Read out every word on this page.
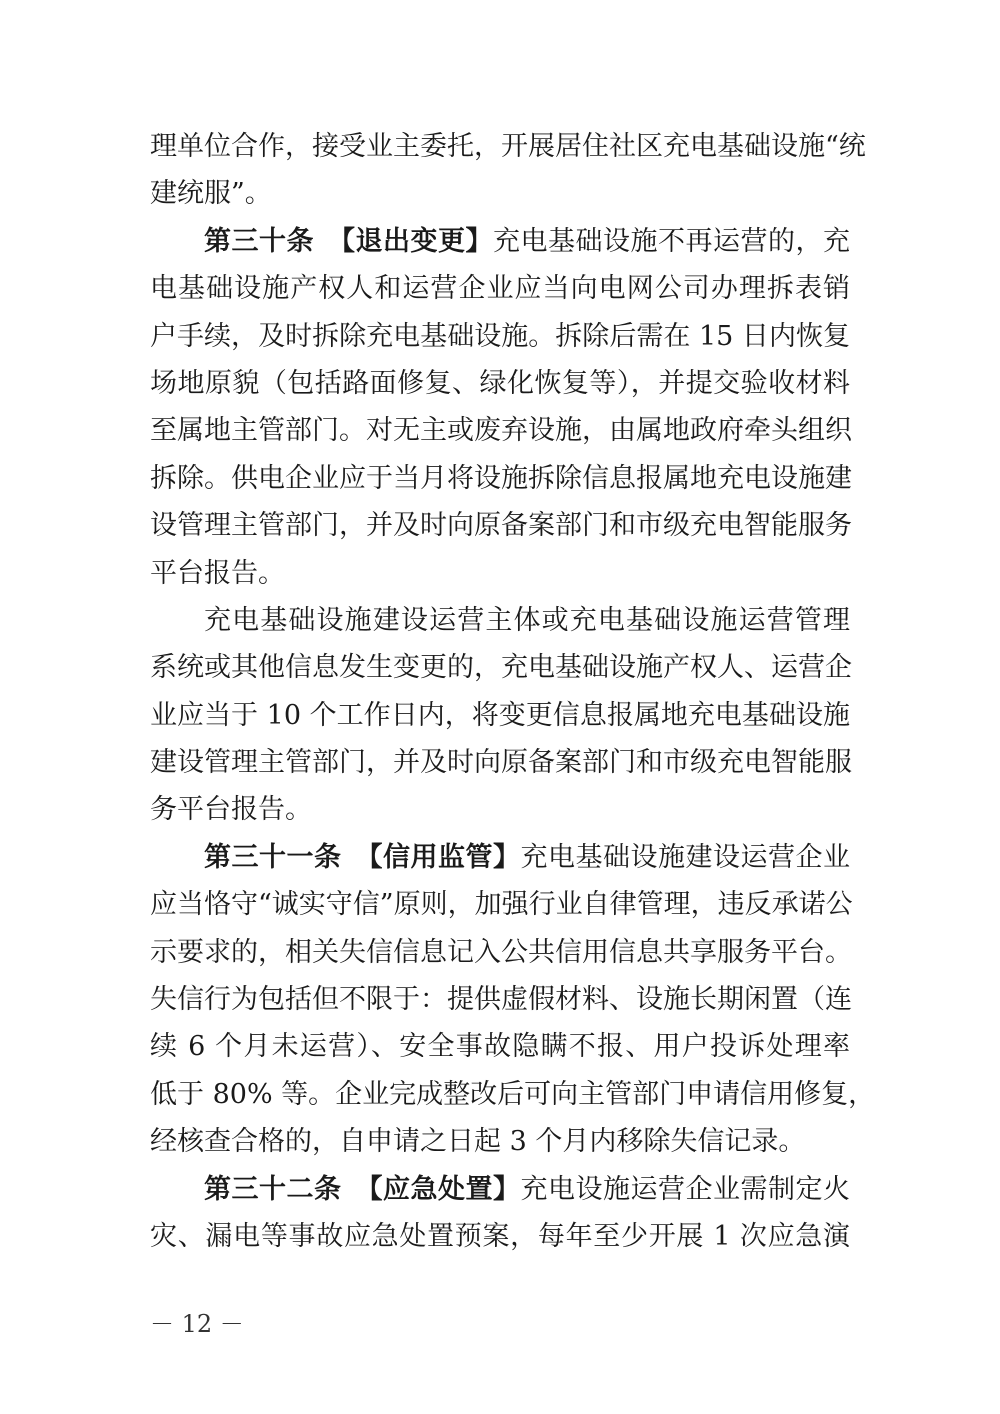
理单位合作，接受业主委托，开展居住社区充电基础设施“统
建统服”。
第三十条　【退出变更】充电基础设施不再运营的，充
电基础设施产权人和运营企业应当向电网公司办理拆表销
户手续，及时拆除充电基础设施。拆除后需在 15 日内恢复
场地原貌（包括路面修复、绿化恢复等），并提交验收材料
至属地主管部门。对无主或废弃设施，由属地政府牵头组织
拆除。供电企业应于当月将设施拆除信息报属地充电设施建
设管理主管部门，并及时向原备案部门和市级充电智能服务
平台报告。
充电基础设施建设运营主体或充电基础设施运营管理
系统或其他信息发生变更的，充电基础设施产权人、运营企
业应当于 10 个工作日内，将变更信息报属地充电基础设施
建设管理主管部门，并及时向原备案部门和市级充电智能服
务平台报告。
第三十一条　【信用监管】充电基础设施建设运营企业
应当恪守“诚实守信”原则，加强行业自律管理，违反承诺公
示要求的，相关失信信息记入公共信用信息共享服务平台。
失信行为包括但不限于：提供虚假材料、设施长期闲置（连
续 6 个月未运营）、安全事故隐瞒不报、用户投诉处理率
低于 80% 等。企业完成整改后可向主管部门申请信用修复，
经核查合格的，自申请之日起 3 个月内移除失信记录。
第三十二条　【应急处置】充电设施运营企业需制定火
灾、漏电等事故应急处置预案，每年至少开展 1 次应急演
－ 12 －
